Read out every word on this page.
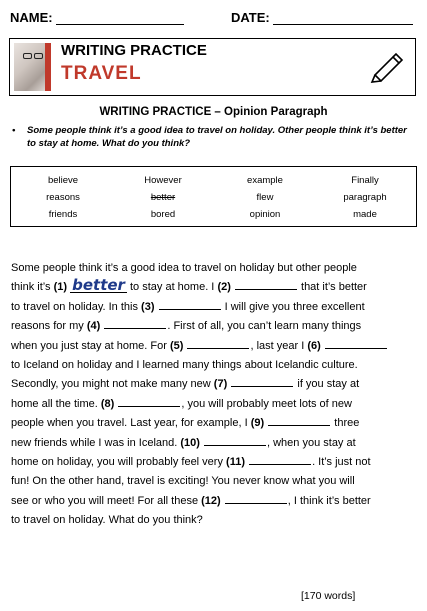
NAME:	DATE:
WRITING PRACTICE
TRAVEL
WRITING PRACTICE – Opinion Paragraph
•	Some people think it’s a good idea to travel on holiday. Other people think it’s better to stay at home. What do you think?
believe	However	example	Finally
reasons	better	flew	paragraph
friends	bored	opinion	made
Some people think it’s a good idea to travel on holiday but other people
think it’s (1) better to stay at home. I (2)	that it’s better
to travel on holiday. In this (3)	I will give you three excellent
reasons for my (4)	. First of all, you can’t learn many things
when you just stay at home. For (5)	, last year I (6)
to Iceland on holiday and I learned many things about Icelandic culture.
Secondly, you might not make many new (7)	if you stay at
home all the time. (8)	, you will probably meet lots of new
people when you travel. Last year, for example, I (9)	three
new friends while I was in Iceland. (10)	, when you stay at
home on holiday, you will probably feel very (11)	. It’s just not
fun! On the other hand, travel is exciting! You never know what you will
see or who you will meet! For all these (12)	, I think it’s better
to travel on holiday. What do you think?
[170 words]
